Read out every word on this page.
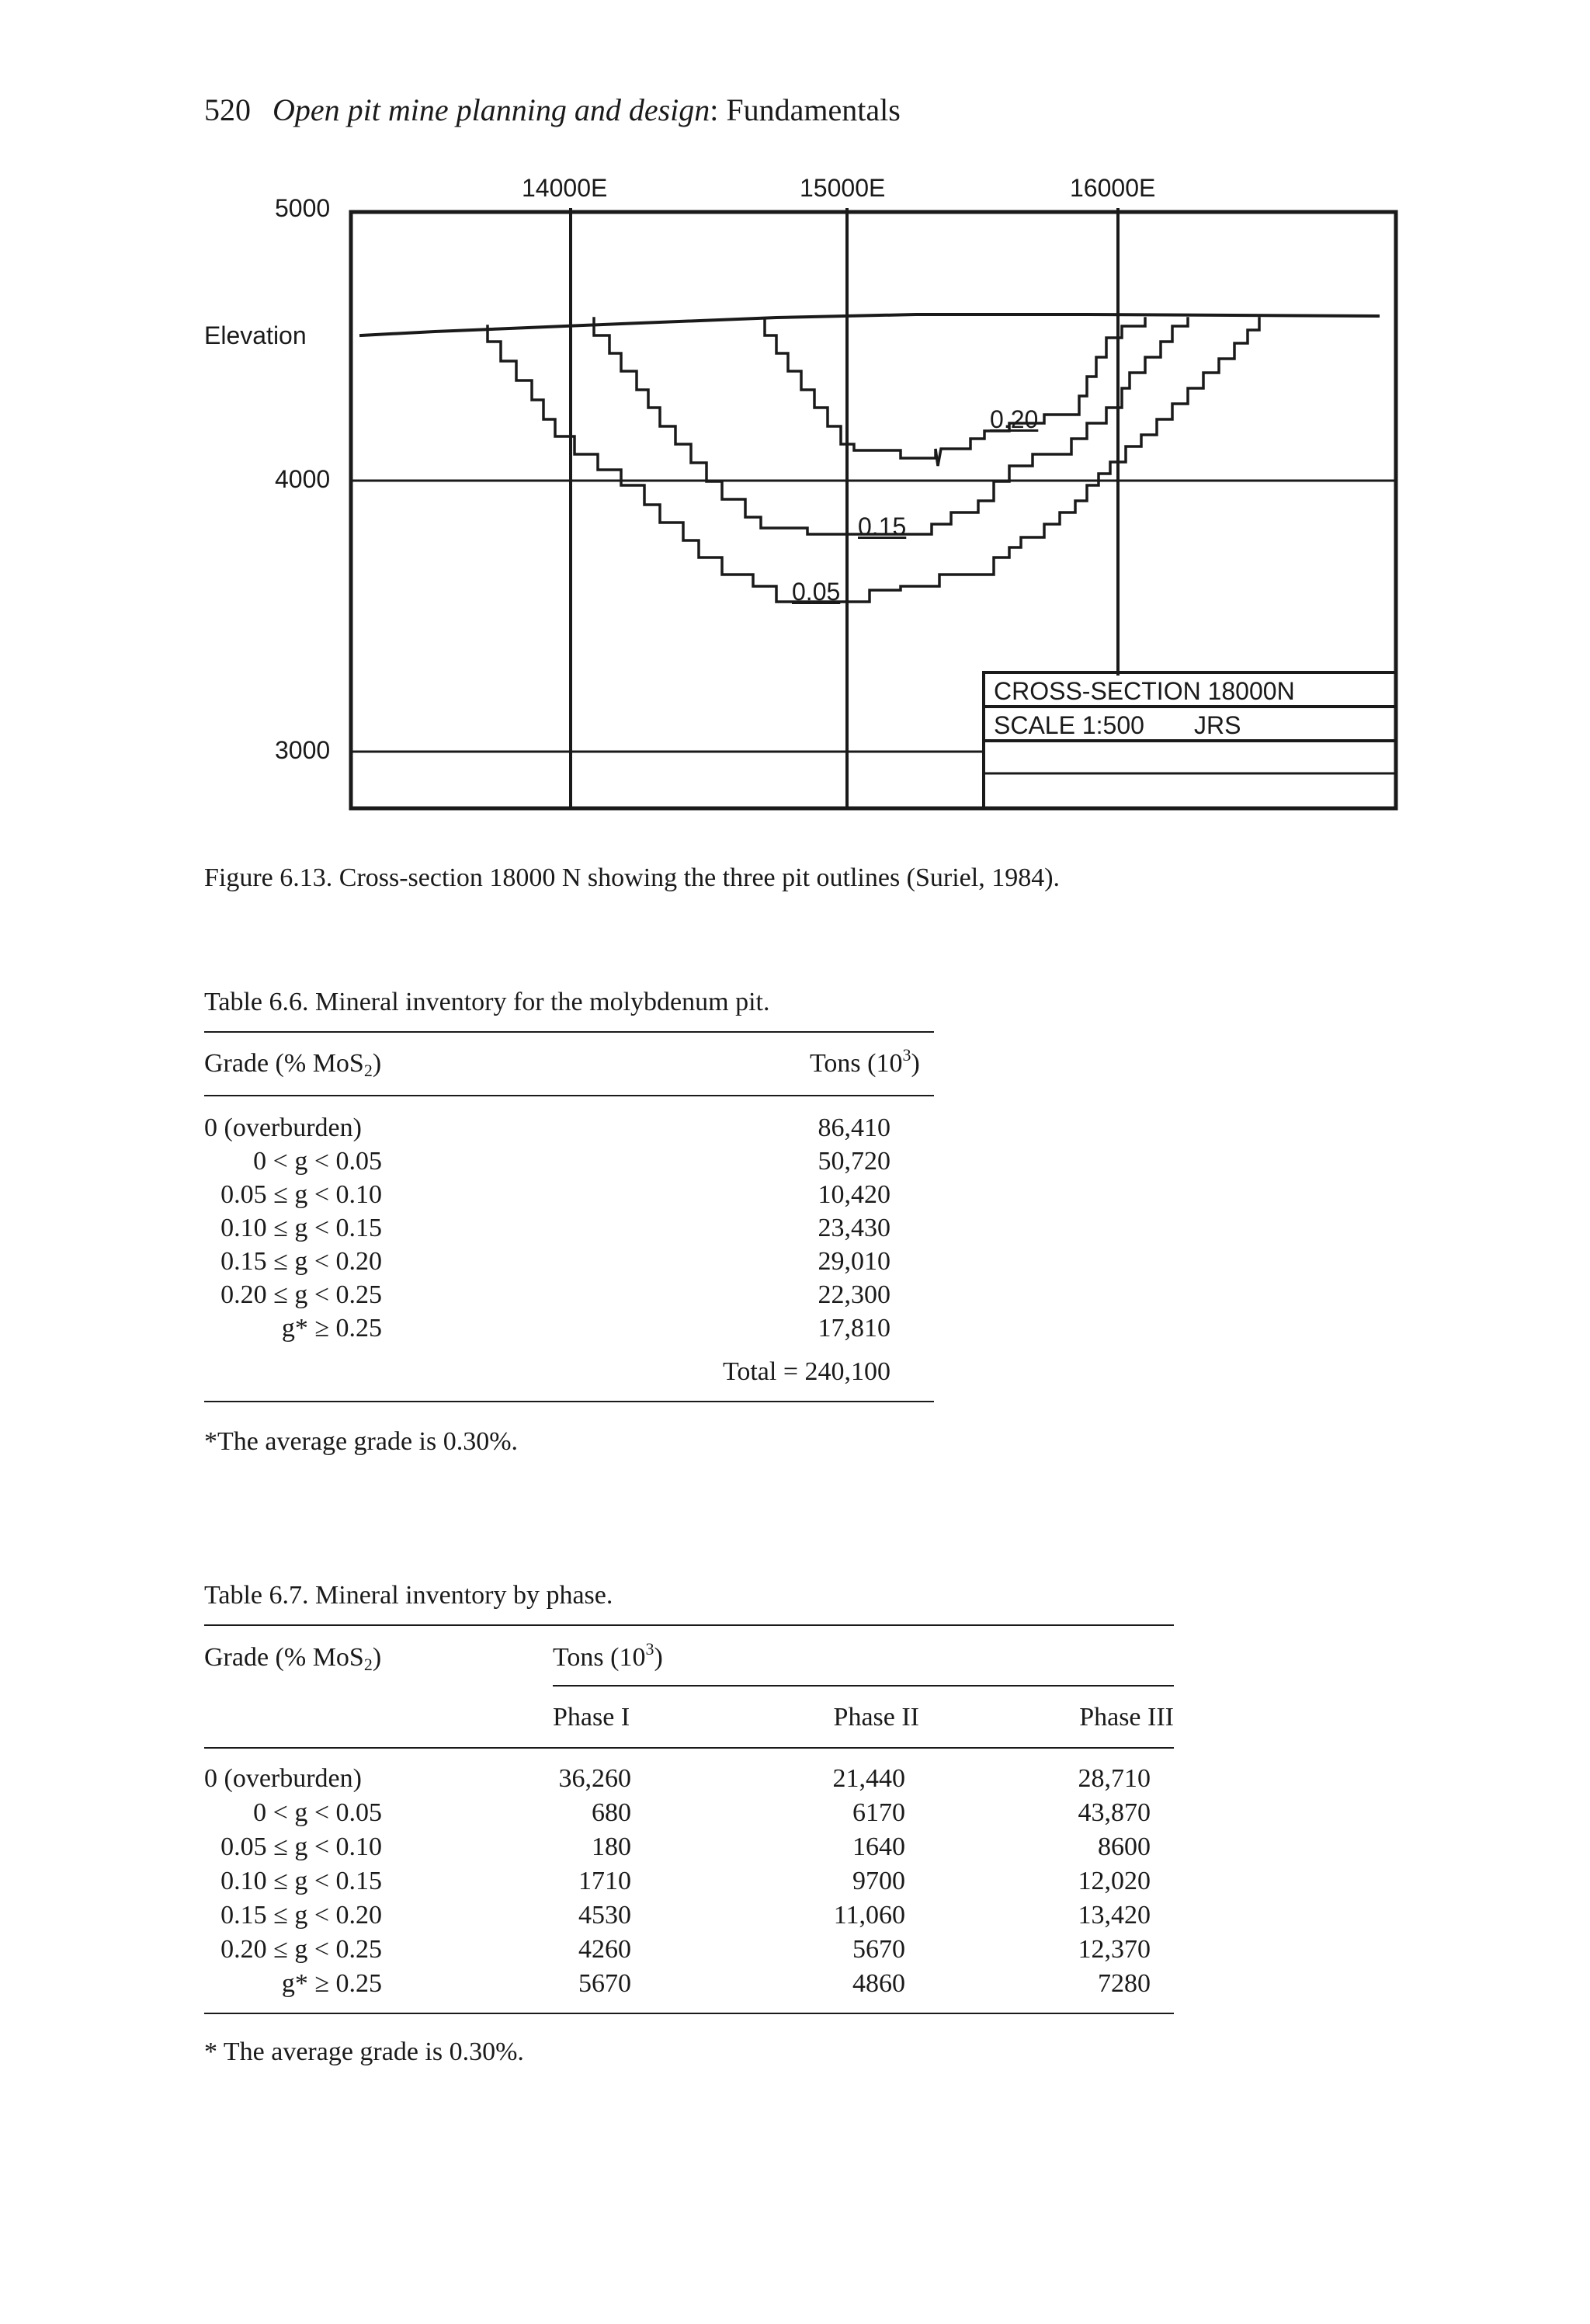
520 Open pit mine planning and design: Fundamentals
5000
4000
3000
Elevation
14000E	15000E	16000E
0.20
0.15
0.05
CROSS-SECTION 18000N
SCALE 1:500 JRS
Figure 6.13. Cross-section 18000 N showing the three pit outlines (Suriel, 1984).
Table 6.6. Mineral inventory for the molybdenum pit.
Grade (% MoS$_2$)	Tons $(10^3)$
0 (overburden)	86,410
0 < g < 0.05	50,720
0.05 ≤ g < 0.10	10,420
0.10 ≤ g < 0.15	23,430
0.15 ≤ g < 0.20	29,010
0.20 ≤ g < 0.25	22,300
g* ≥ 0.25	17,810
Total = 240,100
*The average grade is 0.30%.
Table 6.7. Mineral inventory by phase.
Grade (% MoS$_2$)	Tons $(10^3)$
Phase I	Phase II	Phase III
0 (overburden)	36,260	21,440	28,710
0 < g < 0.05	680	6170	43,870
0.05 ≤ g < 0.10	180	1640	8600
0.10 ≤ g < 0.15	1710	9700	12,020
0.15 ≤ g < 0.20	4530	11,060	13,420
0.20 ≤ g < 0.25	4260	5670	12,370
g* ≥ 0.25	5670	4860	7280
* The average grade is 0.30%.
